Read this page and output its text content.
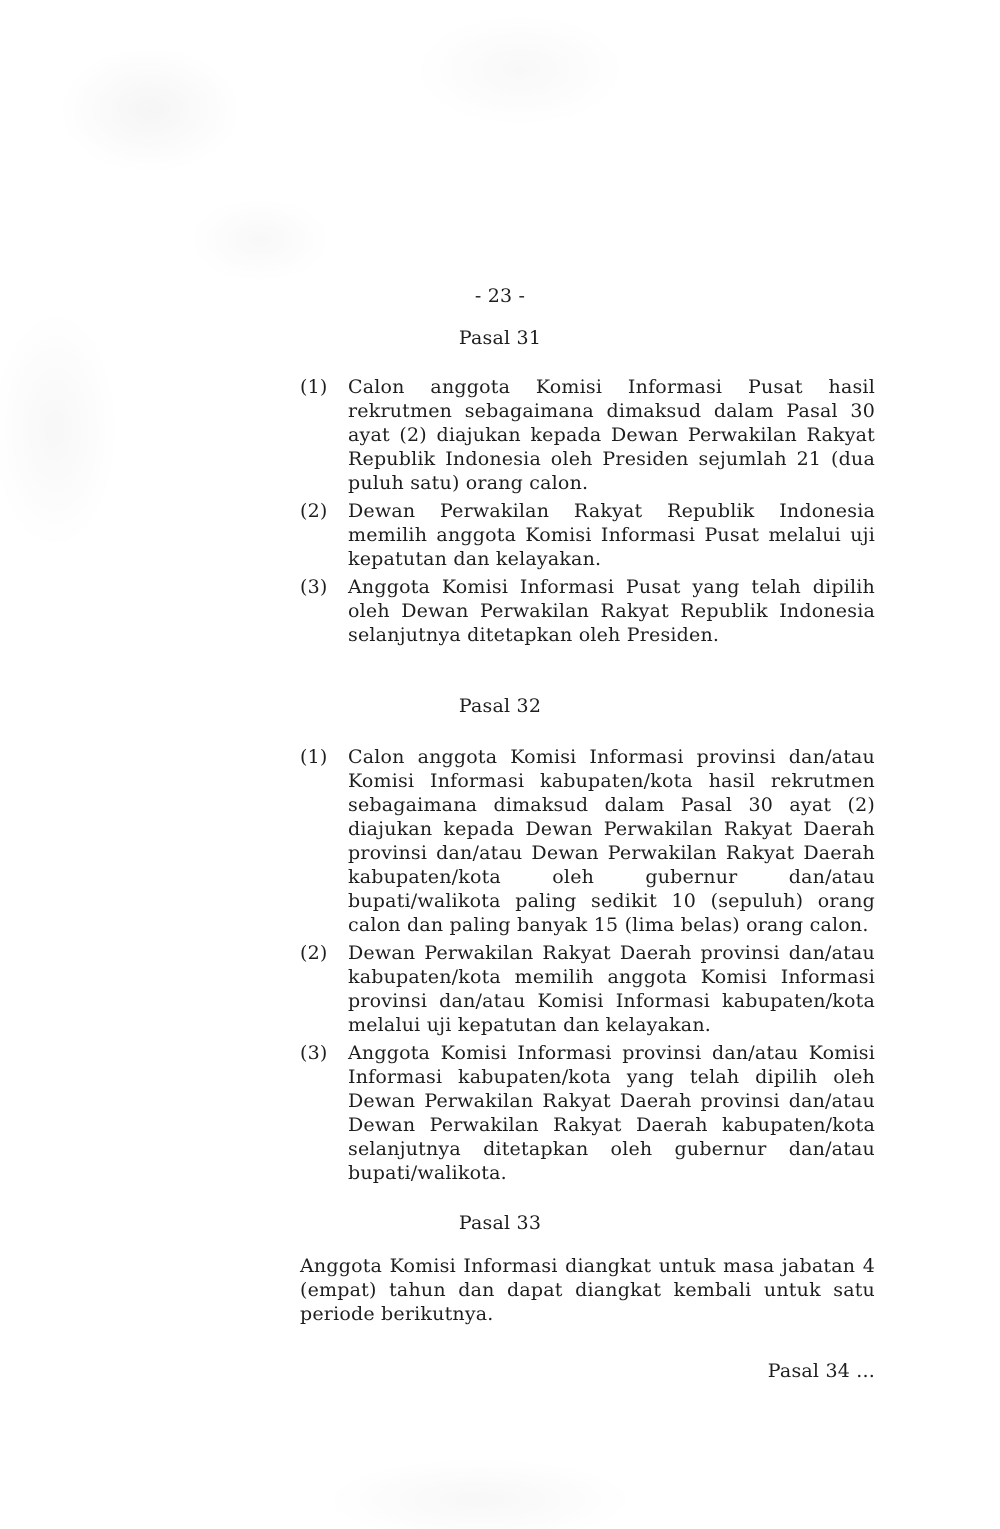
- 23 -
Pasal 31
(1) Calon anggota Komisi Informasi Pusat hasil rekrutmen sebagaimana dimaksud dalam Pasal 30 ayat (2) diajukan kepada Dewan Perwakilan Rakyat Republik Indonesia oleh Presiden sejumlah 21 (dua puluh satu) orang calon.
(2) Dewan Perwakilan Rakyat Republik Indonesia memilih anggota Komisi Informasi Pusat melalui uji kepatutan dan kelayakan.
(3) Anggota Komisi Informasi Pusat yang telah dipilih oleh Dewan Perwakilan Rakyat Republik Indonesia selanjutnya ditetapkan oleh Presiden.
Pasal 32
(1) Calon anggota Komisi Informasi provinsi dan/atau Komisi Informasi kabupaten/kota hasil rekrutmen sebagaimana dimaksud dalam Pasal 30 ayat (2) diajukan kepada Dewan Perwakilan Rakyat Daerah provinsi dan/atau Dewan Perwakilan Rakyat Daerah kabupaten/kota oleh gubernur dan/atau bupati/walikota paling sedikit 10 (sepuluh) orang calon dan paling banyak 15 (lima belas) orang calon.
(2) Dewan Perwakilan Rakyat Daerah provinsi dan/atau kabupaten/kota memilih anggota Komisi Informasi provinsi dan/atau Komisi Informasi kabupaten/kota melalui uji kepatutan dan kelayakan.
(3) Anggota Komisi Informasi provinsi dan/atau Komisi Informasi kabupaten/kota yang telah dipilih oleh Dewan Perwakilan Rakyat Daerah provinsi dan/atau Dewan Perwakilan Rakyat Daerah kabupaten/kota selanjutnya ditetapkan oleh gubernur dan/atau bupati/walikota.
Pasal 33
Anggota Komisi Informasi diangkat untuk masa jabatan 4 (empat) tahun dan dapat diangkat kembali untuk satu periode berikutnya.
Pasal 34 ...
